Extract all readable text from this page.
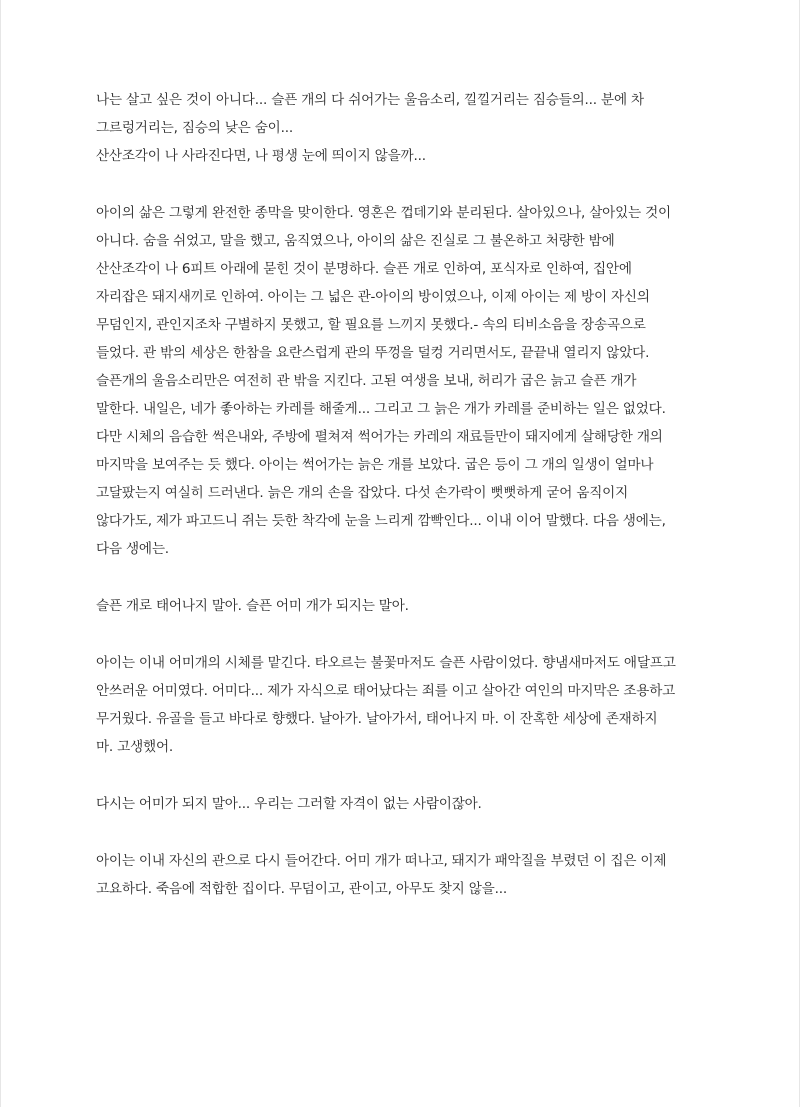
나는 살고 싶은 것이 아니다... 슬픈 개의 다 쉬어가는 울음소리, 낄낄거리는 짐승들의... 분에 차
그르렁거리는, 짐승의 낮은 숨이...
산산조각이 나 사라진다면, 나 평생 눈에 띄이지 않을까...
아이의 삶은 그렇게 완전한 종막을 맞이한다. 영혼은 껍데기와 분리된다. 살아있으나, 살아있는 것이
아니다. 숨을 쉬었고, 말을 했고, 움직였으나, 아이의 삶은 진실로 그 불온하고 처량한 밤에
산산조각이 나 6피트 아래에 묻힌 것이 분명하다. 슬픈 개로 인하여, 포식자로 인하여, 집안에
자리잡은 돼지새끼로 인하여. 아이는 그 넓은 관-아이의 방이였으나, 이제 아이는 제 방이 자신의
무덤인지, 관인지조차 구별하지 못했고, 할 필요를 느끼지 못했다.- 속의 티비소음을 장송곡으로
들었다. 관 밖의 세상은 한참을 요란스럽게 관의 뚜껑을 덜컹 거리면서도, 끝끝내 열리지 않았다.
슬픈개의 울음소리만은 여전히 관 밖을 지킨다. 고된 여생을 보내, 허리가 굽은 늙고 슬픈 개가
말한다. 내일은, 네가 좋아하는 카레를 해줄게... 그리고 그 늙은 개가 카레를 준비하는 일은 없었다.
다만 시체의 음습한 썩은내와, 주방에 펼쳐져 썩어가는 카레의 재료들만이 돼지에게 살해당한 개의
마지막을 보여주는 듯 했다. 아이는 썩어가는 늙은 개를 보았다. 굽은 등이 그 개의 일생이 얼마나
고달팠는지 여실히 드러낸다. 늙은 개의 손을 잡았다. 다섯 손가락이 뻣뻣하게 굳어 움직이지
않다가도, 제가 파고드니 쥐는 듯한 착각에 눈을 느리게 깜빡인다... 이내 이어 말했다. 다음 생에는,
다음 생에는.
슬픈 개로 태어나지 말아. 슬픈 어미 개가 되지는 말아.
아이는 이내 어미개의 시체를 맡긴다. 타오르는 불꽃마저도 슬픈 사람이었다. 향냄새마저도 애달프고
안쓰러운 어미였다. 어미다... 제가 자식으로 태어났다는 죄를 이고 살아간 여인의 마지막은 조용하고
무거웠다. 유골을 들고 바다로 향했다. 날아가. 날아가서, 태어나지 마. 이 잔혹한 세상에 존재하지
마. 고생했어.
다시는 어미가 되지 말아... 우리는 그러할 자격이 없는 사람이잖아.
아이는 이내 자신의 관으로 다시 들어간다. 어미 개가 떠나고, 돼지가 패악질을 부렸던 이 집은 이제
고요하다. 죽음에 적합한 집이다. 무덤이고, 관이고, 아무도 찾지 않을...
